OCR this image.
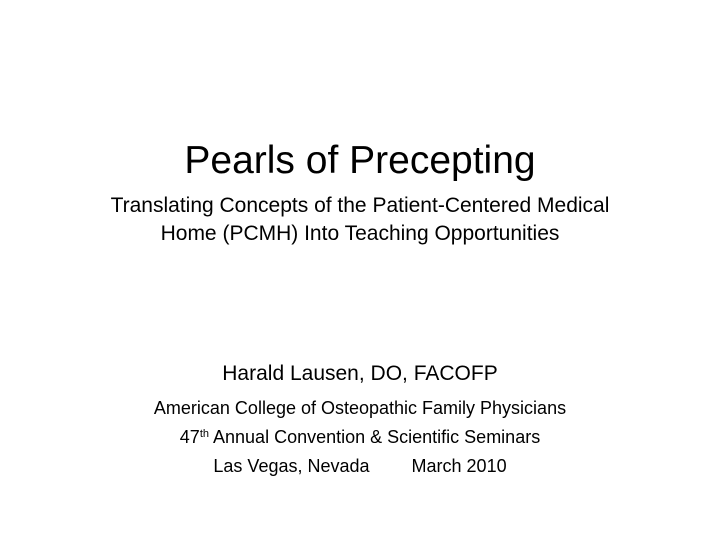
Pearls of Precepting
Translating Concepts of the Patient-Centered Medical
Home (PCMH) Into Teaching Opportunities
Harald Lausen, DO, FACOFP
American College of Osteopathic Family Physicians
47th Annual Convention & Scientific Seminars
Las Vegas, Nevada March 2010
